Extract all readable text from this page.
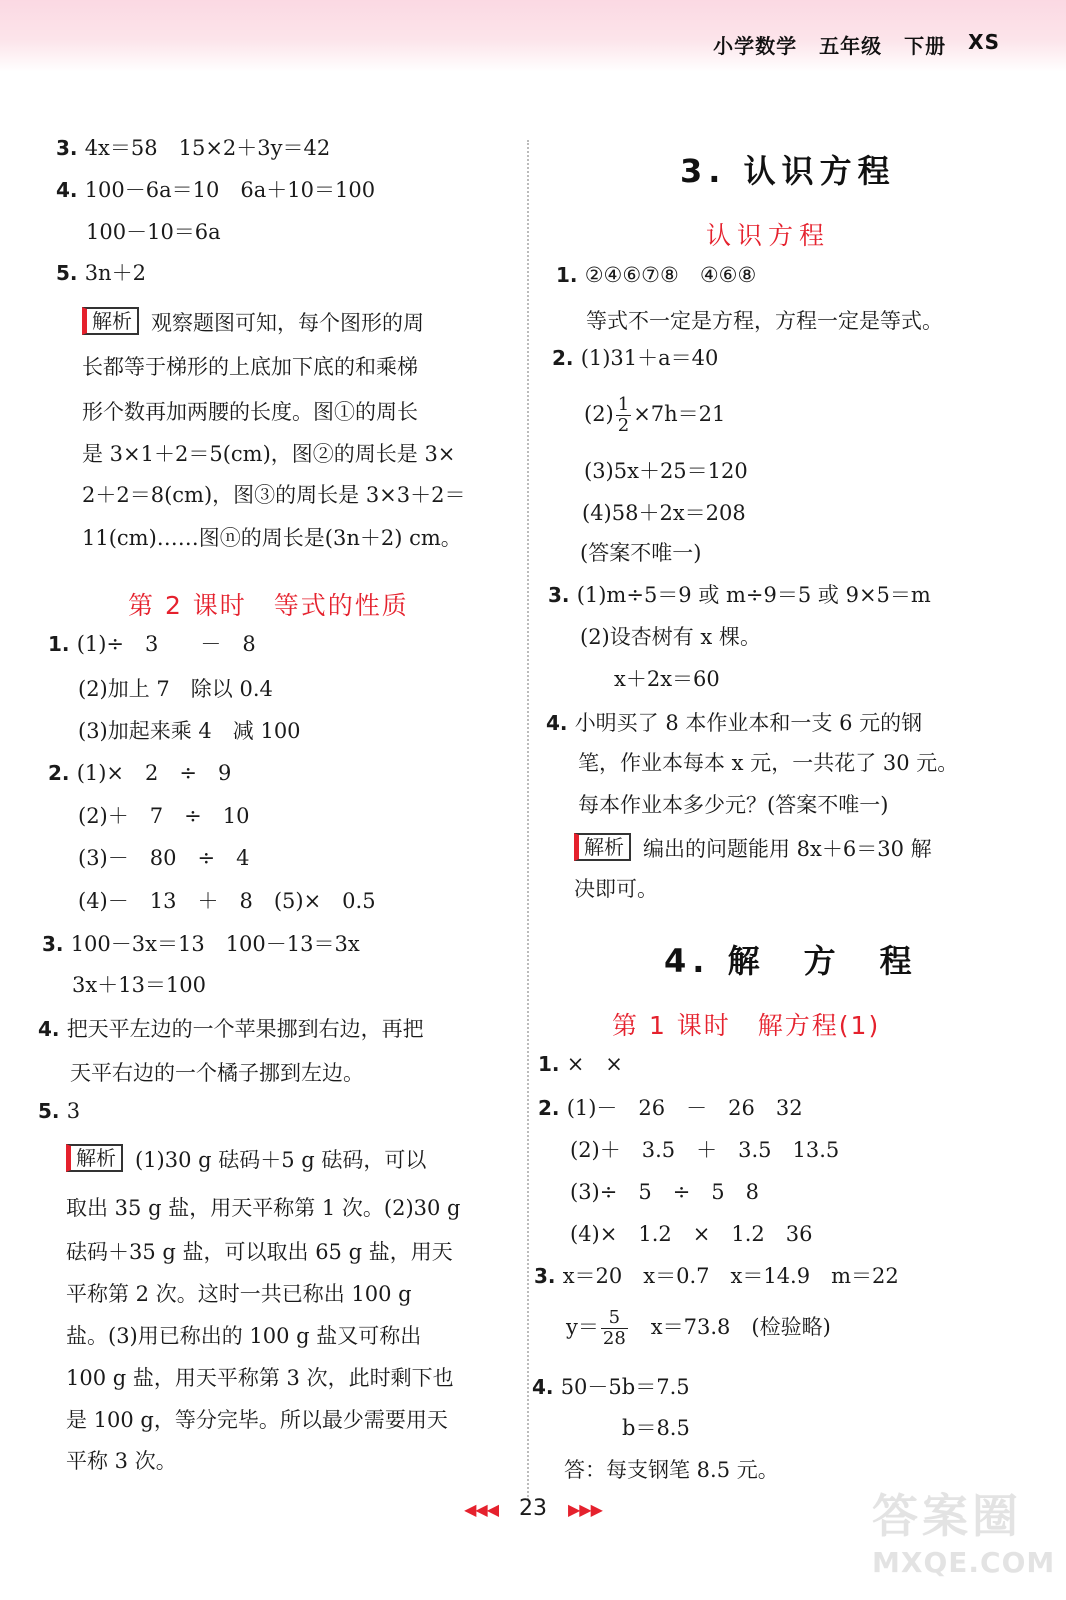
小学数学 五年级 下册 XS
3. 4x＝58　15×2＋3y＝42
4. 100－6a＝10　6a＋10＝100
100－10＝6a
5. 3n＋2
解析 观察题图可知，每个图形的周
长都等于梯形的上底加下底的和乘梯
形个数再加两腰的长度。图①的周长
是 3×1＋2＝5(cm)，图②的周长是 3×
2＋2＝8(cm)，图③的周长是 3×3＋2＝
11(cm)……图ⓝ的周长是(3n＋2) cm。
第 2 课时　等式的性质
1. (1)÷　3　　－　8
(2)加上 7　除以 0.4
(3)加起来乘 4　减 100
2. (1)×　2　÷　9
(2)＋　7　÷　10
(3)－　80　÷　4
(4)－　13　＋　8　(5)×　0.5
3. 100－3x＝13　100－13＝3x
3x＋13＝100
4. 把天平左边的一个苹果挪到右边，再把
天平右边的一个橘子挪到左边。
5. 3
解析 (1)30 g 砝码＋5 g 砝码，可以
取出 35 g 盐，用天平称第 1 次。(2)30 g
砝码＋35 g 盐，可以取出 65 g 盐，用天
平称第 2 次。这时一共已称出 100 g
盐。(3)用已称出的 100 g 盐又可称出
100 g 盐，用天平称第 3 次，此时剩下也
是 100 g，等分完毕。所以最少需要用天
平称 3 次。
3. 认识方程
认识方程
1. ②④⑥⑦⑧　④⑥⑧
等式不一定是方程，方程一定是等式。
2. (1)31＋a＝40
$(2) \frac{1}{2} \times 7h=21$
(3)5x＋25＝120
(4)58＋2x＝208
(答案不唯一)
3. (1)m÷5＝9 或 m÷9＝5 或 9×5＝m
(2)设杏树有 x 棵。
x＋2x＝60
4. 小明买了 8 本作业本和一支 6 元的钢
笔，作业本每本 x 元，一共花了 30 元。
每本作业本多少元？(答案不唯一)
解析 编出的问题能用 8x＋6＝30 解
决即可。
4. 解　方　程
第 1 课时　解方程(1)
1. ×　×
2. (1)－　26　－　26　32
(2)＋　3.5　＋　3.5　13.5
(3)÷　5　÷　5　8
(4)×　1.2　×　1.2　36
3. x＝20　x＝0.7　x＝14.9　m＝22
$y= \frac{5}{28}$ 　x＝73.8　(检验略)
4. 50－5b＝7.5
b＝8.5
答：每支钢笔 8.5 元。
◀◀◀ 23 ▶▶▶	答案圈
MXQE.COM
